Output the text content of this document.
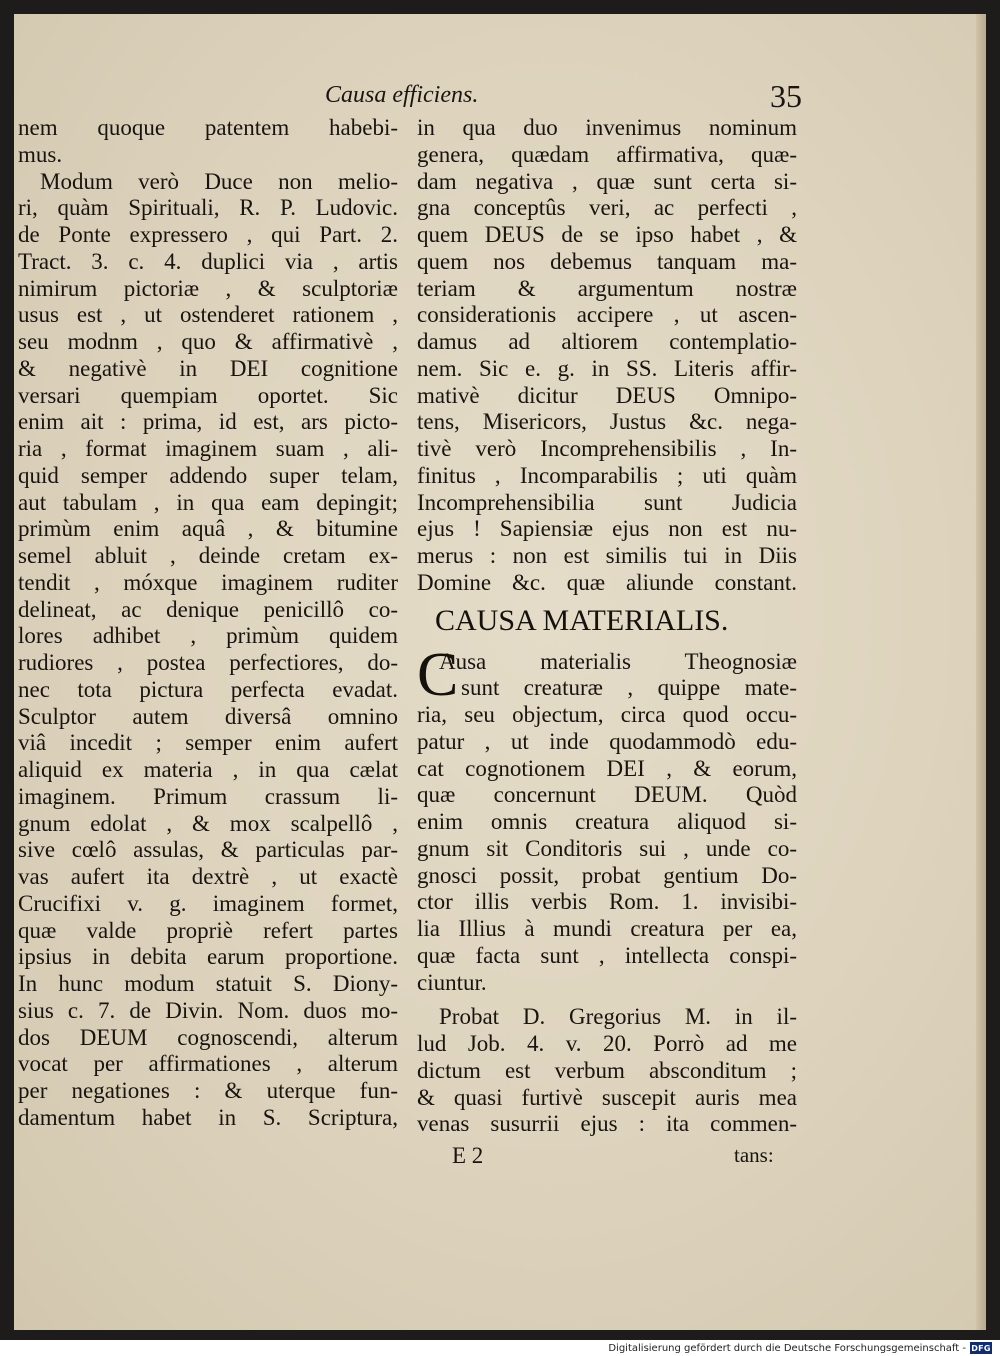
Causa efficiens.	35
nem quoque patentem habebi-
mus.
Modum verò Duce non melio-
ri, quàm Spirituali, R. P. Ludovic.
de Ponte expressero , qui Part. 2.
Tract. 3. c. 4. duplici via , artis
nimirum pictoriæ , & sculptoriæ
usus est , ut ostenderet rationem ,
seu modnm , quo & affirmativè ,
& negativè in DEI cognitione
versari quempiam oportet. Sic
enim ait : prima, id est, ars picto-
ria , format imaginem suam , ali-
quid semper addendo super telam,
aut tabulam , in qua eam depingit;
primùm enim aquâ , & bitumine
semel abluit , deinde cretam ex-
tendit , móxque imaginem ruditer
delineat, ac denique penicillô co-
lores adhibet , primùm quidem
rudiores , postea perfectiores, do-
nec tota pictura perfecta evadat.
Sculptor autem diversâ omnino
viâ incedit ; semper enim aufert
aliquid ex materia , in qua cælat
imaginem. Primum crassum li-
gnum edolat , & mox scalpellô ,
sive cœlô assulas, & particulas par-
vas aufert ita dextrè , ut exactè
Crucifixi v. g. imaginem formet,
quæ valde propriè refert partes
ipsius in debita earum proportione.
In hunc modum statuit S. Diony-
sius c. 7. de Divin. Nom. duos mo-
dos DEUM cognoscendi, alterum
vocat per affirmationes , alterum
per negationes : & uterque fun-
damentum habet in S. Scriptura,
in qua duo invenimus nominum
genera, quædam affirmativa, quæ-
dam negativa , quæ sunt certa si-
gna conceptûs veri, ac perfecti ,
quem DEUS de se ipso habet , &
quem nos debemus tanquam ma-
teriam & argumentum nostræ
considerationis accipere , ut ascen-
damus ad altiorem contemplatio-
nem. Sic e. g. in SS. Literis affir-
mativè dicitur DEUS Omnipo-
tens, Misericors, Justus &c. nega-
tivè verò Incomprehensibilis , In-
finitus , Incomparabilis ; uti quàm
Incomprehensibilia sunt Judicia
ejus ! Sapiensiæ ejus non est nu-
merus : non est similis tui in Diis
Domine &c. quæ aliunde constant.
CAUSA MATERIALIS.
C
Ausa materialis Theognosiæ
sunt creaturæ , quippe mate-
ria, seu objectum, circa quod occu-
patur , ut inde quodammodò edu-
cat cognotionem DEI , & eorum,
quæ concernunt DEUM. Quòd
enim omnis creatura aliquod si-
gnum sit Conditoris sui , unde co-
gnosci possit, probat gentium Do-
ctor illis verbis Rom. 1. invisibi-
lia Illius à mundi creatura per ea,
quæ facta sunt , intellecta conspi-
ciuntur.
Probat D. Gregorius M. in il-
lud Job. 4. v. 20. Porrò ad me
dictum est verbum absconditum ;
& quasi furtivè suscepit auris mea
venas susurrii ejus : ita commen-
E 2	tans:
Digitalisierung gefördert durch die Deutsche Forschungsgemeinschaft - DFG
